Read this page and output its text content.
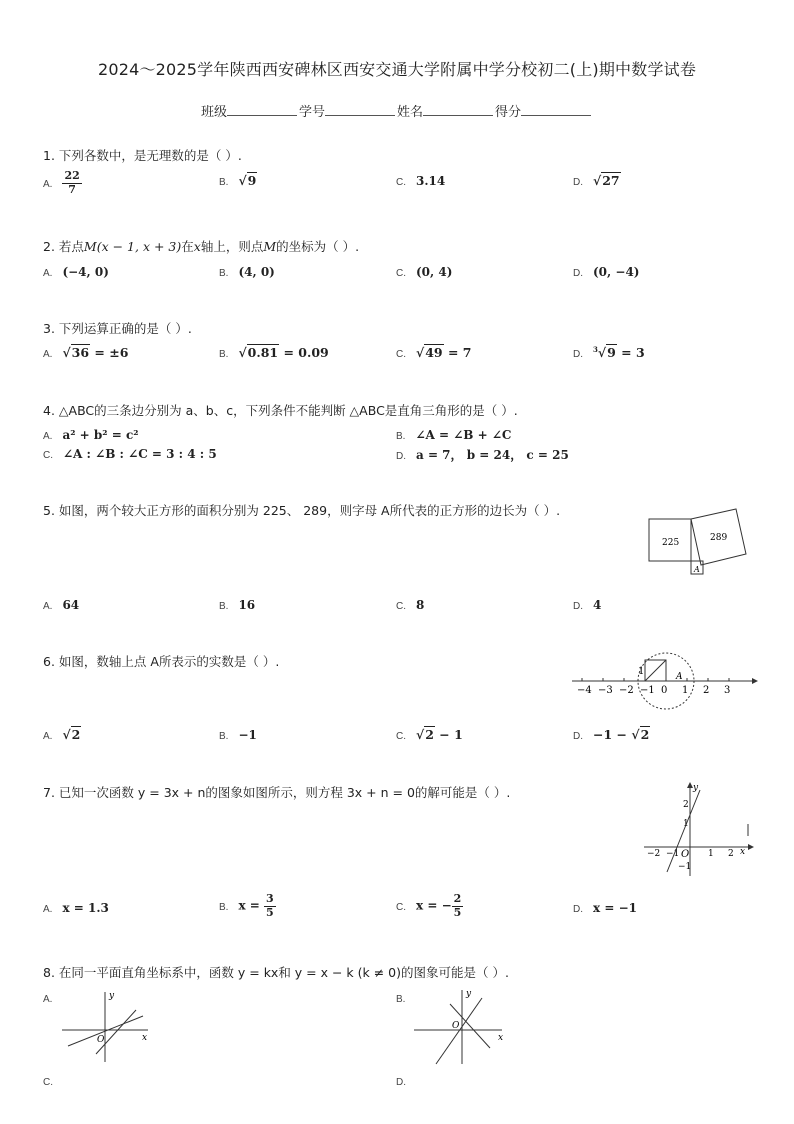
2024～2025学年陕西西安碑林区西安交通大学附属中学分校初二(上)期中数学试卷
班级	学号	姓名	得分
1. 下列各数中，是无理数的是（ ）.
A. $\frac{22}{7}$	B. √9	C. 3.14	D. √27
2. 若点M(x − 1, x + 3)在x轴上，则点M的坐标为（ ）.
A. (−4, 0)	B. (4, 0)	C. (0, 4)	D. (0, −4)
3. 下列运算正确的是（ ）.
A. √36 = ±6	B. √0.81 = 0.09	C. √49 = 7	D. $^3$√9 = 3
4. △ABC的三条边分别为 a、b、c，下列条件不能判断 △ABC是直角三角形的是（ ）.
A. a² + b² = c²	B. ∠A = ∠B + ∠C
C. ∠A : ∠B : ∠C = 3 : 4 : 5	D. a = 7， b = 24， c = 25
5. 如图，两个较大正方形的面积分别为 225、 289，则字母 A所代表的正方形的边长为（ ）.
225	289
A
A. 64	B. 16	C. 8	D. 4
6. 如图，数轴上点 A所表示的实数是（ ）.
1	A
−4 −3 −2 −1 0 1 2 3
A. √2	B. −1	C. √2 − 1	D. −1 − √2
7. 已知一次函数 y = 3x + n的图象如图所示，则方程 3x + n = 0的解可能是（ ）.	y
x
O
2
1
−2 −1	1 2
−1
A. x = 1.3	B. $x = \frac{3}{5}$	C. x = − $\frac{2}{5}$	D. x = −1
8. 在同一平面直角坐标系中，函数 y = kx和 y = x − k (k ≠ 0)的图象可能是（ ）.
A.	y
x
O
B.	y
x
O
C.	D.
